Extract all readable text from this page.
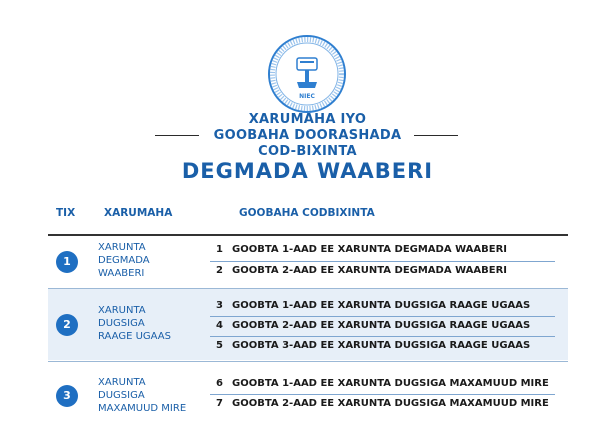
NIEC
XARUMAHA IYO
GOOBAHA DOORASHADA
COD-BIXINTA
DEGMADA WAABERI
TIX	XARUMAHA	GOOBAHA CODBIXINTA
1
XARUNTA
DEGMADA
WAABERI
1 GOOBTA 1-AAD EE XARUNTA DEGMADA WAABERI
2 GOOBTA 2-AAD EE XARUNTA DEGMADA WAABERI
2
XARUNTA
DUGSIGA
RAAGE UGAAS
3 GOOBTA 1-AAD EE XARUNTA DUGSIGA RAAGE UGAAS
4 GOOBTA 2-AAD EE XARUNTA DUGSIGA RAAGE UGAAS
5 GOOBTA 3-AAD EE XARUNTA DUGSIGA RAAGE UGAAS
3
XARUNTA
DUGSIGA
MAXAMUUD MIRE
6 GOOBTA 1-AAD EE XARUNTA DUGSIGA MAXAMUUD MIRE
7 GOOBTA 2-AAD EE XARUNTA DUGSIGA MAXAMUUD MIRE
